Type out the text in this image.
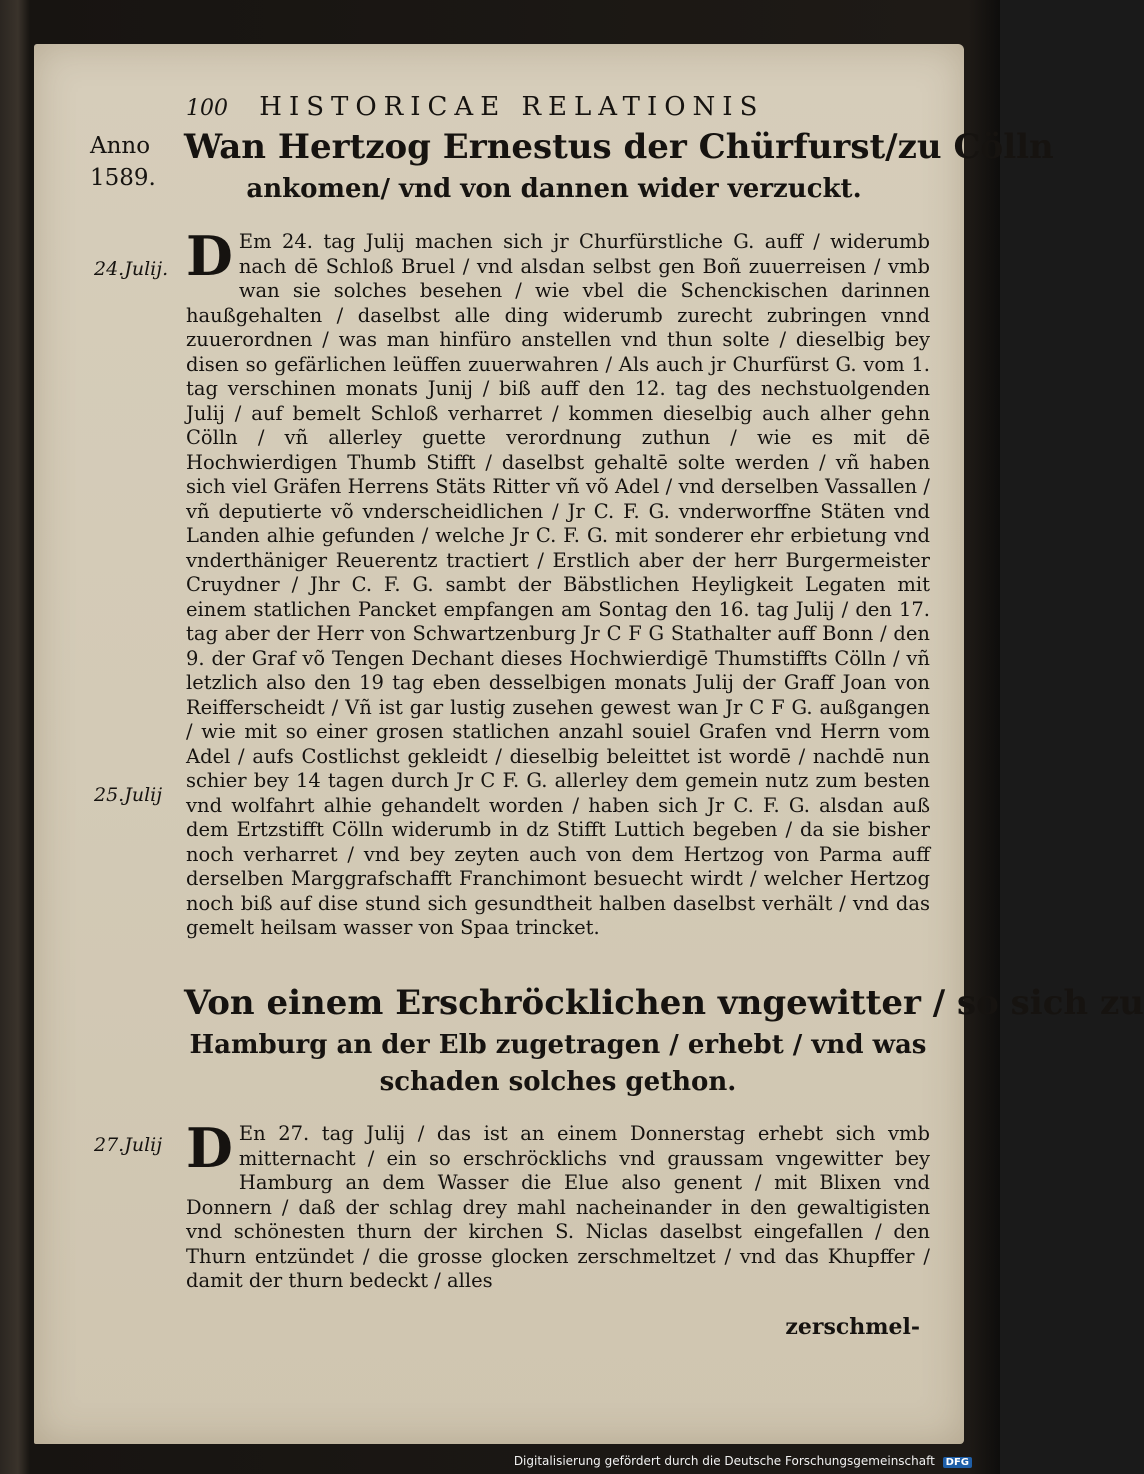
100 HISTORICAE RELATIONIS
Anno
1589.
Wan Hertzog Ernestus der Chürfurst/zu Cölln
ankomen/ vnd von dannen wider verzuckt.
24.Julij. D Em 24. tag Julij machen sich jr Churfürstliche G. auff / widerumb nach dē Schloß Bruel / vnd alsdan selbst gen Boñ zuuerreisen / vmb wan sie solches besehen / wie vbel die Schenckischen darinnen haußgehalten / daselbst alle ding widerumb zurecht zubringen vnnd zuuerordnen / was man hinfüro anstellen vnd thun solte / dieselbig bey disen so gefärlichen leüffen zuuerwahren / Als auch jr Churfürst G. vom 1. tag verschinen monats Junij / biß auff den 12. tag des nechstuolgenden Julij / auf bemelt Schloß verharret / kommen dieselbig auch alher gehn Cölln / vñ allerley guette verordnung zuthun / wie es mit dē Hochwierdigen Thumb Stifft / daselbst gehaltē solte werden / vñ haben sich viel Gräfen Herrens Stäts Ritter vñ võ Adel / vnd derselben Vassallen / vñ deputierte võ vnderscheidlichen / Jr C. F. G. vnderworffne Stäten vnd Landen alhie gefunden / welche Jr C. F. G. mit sonderer ehr erbietung vnd vnderthäniger Reuerentz tractiert / Erstlich aber der herr Burgermeister Cruydner / Jhr C. F. G. sambt der Bäbstlichen Heyligkeit Legaten mit einem statlichen Pancket empfangen am Sontag den 16. tag Julij / den 17. tag aber der Herr von Schwartzenburg Jr C F G Stathalter auff Bonn / den 9. der Graf võ Tengen Dechant dieses Hochwierdigē Thumstiffts Cölln / vñ letzlich also den 19 tag eben desselbigen monats Julij der Graff Joan von Reifferscheidt / Vñ ist gar lustig zusehen gewest wan Jr C F G. außgangen / wie mit so einer grosen statlichen anzahl souiel Grafen vnd Herrn vom Adel / aufs Costlichst gekleidt / dieselbig beleittet ist wordē / nachdē nun schier bey 14 tagen durch Jr C F. G. allerley dem gemein nutz zum besten vnd wolfahrt alhie gehandelt worden / haben sich Jr C. F. G. alsdan auß dem Ertzstifft Cölln widerumb in dz Stifft Luttich begeben / da sie bisher noch verharret / vnd bey zeyten auch von dem Hertzog von Parma auff derselben Marggrafschafft Franchimont besuecht wirdt / welcher Hertzog noch biß auf dise stund sich gesundtheit halben daselbst verhält / vnd das gemelt heilsam wasser von Spaa trincket.
25.Julij
Von einem Erschröcklichen vngewitter / so sich zu
Hamburg an der Elb zugetragen / erhebt / vnd was
schaden solches gethon.
27.Julij D En 27. tag Julij / das ist an einem Donnerstag erhebt sich vmb mitternacht / ein so erschröcklichs vnd graussam vngewitter bey Hamburg an dem Wasser die Elue also genent / mit Blixen vnd Donnern / daß der schlag drey mahl nacheinander in den gewaltigisten vnd schönesten thurn der kirchen S. Niclas daselbst eingefallen / den Thurn entzündet / die grosse glocken zerschmeltzet / vnd das Khupffer / damit der thurn bedeckt / alles
zerschmel-
Digitalisierung gefördert durch die Deutsche Forschungsgemeinschaft DFG
